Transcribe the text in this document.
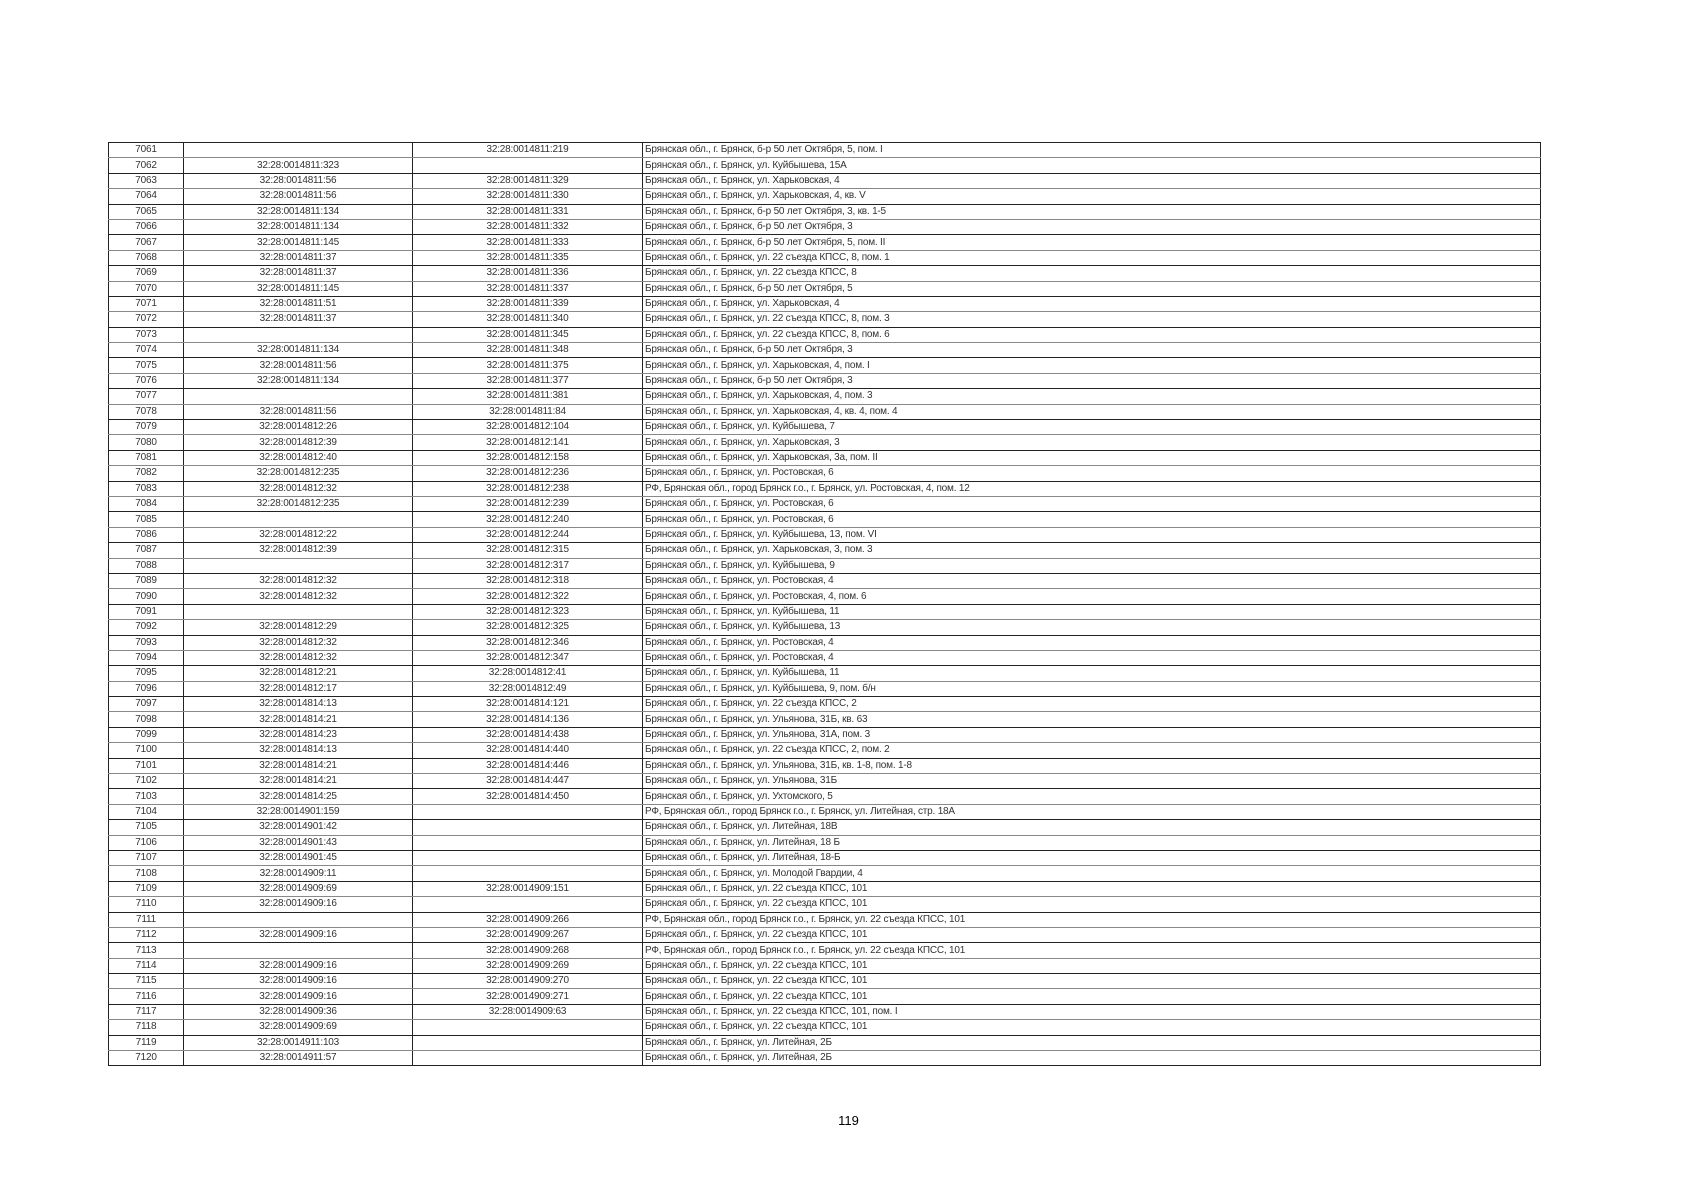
7061		32:28:0014811:219	Брянская обл., г. Брянск, б-р 50 лет Октября, 5, пом. I
7062	32:28:0014811:323		Брянская обл., г. Брянск, ул. Куйбышева, 15А
7063	32:28:0014811:56	32:28:0014811:329	Брянская обл., г. Брянск, ул. Харьковская, 4
7064	32:28:0014811:56	32:28:0014811:330	Брянская обл., г. Брянск, ул. Харьковская, 4, кв. V
7065	32:28:0014811:134	32:28:0014811:331	Брянская обл., г. Брянск, б-р 50 лет Октября, 3, кв. 1-5
7066	32:28:0014811:134	32:28:0014811:332	Брянская обл., г. Брянск, б-р 50 лет Октября, 3
7067	32:28:0014811:145	32:28:0014811:333	Брянская обл., г. Брянск, б-р 50 лет Октября, 5, пом. II
7068	32:28:0014811:37	32:28:0014811:335	Брянская обл., г. Брянск, ул. 22 съезда КПСС, 8, пом. 1
7069	32:28:0014811:37	32:28:0014811:336	Брянская обл., г. Брянск, ул. 22 съезда КПСС, 8
7070	32:28:0014811:145	32:28:0014811:337	Брянская обл., г. Брянск, б-р 50 лет Октября, 5
7071	32:28:0014811:51	32:28:0014811:339	Брянская обл., г. Брянск, ул. Харьковская, 4
7072	32:28:0014811:37	32:28:0014811:340	Брянская обл., г. Брянск, ул. 22 съезда КПСС, 8, пом. 3
7073		32:28:0014811:345	Брянская обл., г. Брянск, ул. 22 съезда КПСС, 8, пом. 6
7074	32:28:0014811:134	32:28:0014811:348	Брянская обл., г. Брянск, б-р 50 лет Октября, 3
7075	32:28:0014811:56	32:28:0014811:375	Брянская обл., г. Брянск, ул. Харьковская, 4, пом. I
7076	32:28:0014811:134	32:28:0014811:377	Брянская обл., г. Брянск, б-р 50 лет Октября, 3
7077		32:28:0014811:381	Брянская обл., г. Брянск, ул. Харьковская, 4, пом. 3
7078	32:28:0014811:56	32:28:0014811:84	Брянская обл., г. Брянск, ул. Харьковская, 4, кв. 4, пом. 4
7079	32:28:0014812:26	32:28:0014812:104	Брянская обл., г. Брянск, ул. Куйбышева, 7
7080	32:28:0014812:39	32:28:0014812:141	Брянская обл., г. Брянск, ул. Харьковская, 3
7081	32:28:0014812:40	32:28:0014812:158	Брянская обл., г. Брянск, ул. Харьковская, 3а, пом. II
7082	32:28:0014812:235	32:28:0014812:236	Брянская обл., г. Брянск, ул. Ростовская, 6
7083	32:28:0014812:32	32:28:0014812:238	РФ, Брянская обл., город Брянск г.о., г. Брянск, ул. Ростовская, 4, пом. 12
7084	32:28:0014812:235	32:28:0014812:239	Брянская обл., г. Брянск, ул. Ростовская, 6
7085		32:28:0014812:240	Брянская обл., г. Брянск, ул. Ростовская, 6
7086	32:28:0014812:22	32:28:0014812:244	Брянская обл., г. Брянск, ул. Куйбышева, 13, пом. VI
7087	32:28:0014812:39	32:28:0014812:315	Брянская обл., г. Брянск, ул. Харьковская, 3, пом. 3
7088		32:28:0014812:317	Брянская обл., г. Брянск, ул. Куйбышева, 9
7089	32:28:0014812:32	32:28:0014812:318	Брянская обл., г. Брянск, ул. Ростовская, 4
7090	32:28:0014812:32	32:28:0014812:322	Брянская обл., г. Брянск, ул. Ростовская, 4, пом. 6
7091		32:28:0014812:323	Брянская обл., г. Брянск, ул. Куйбышева, 11
7092	32:28:0014812:29	32:28:0014812:325	Брянская обл., г. Брянск, ул. Куйбышева, 13
7093	32:28:0014812:32	32:28:0014812:346	Брянская обл., г. Брянск, ул. Ростовская, 4
7094	32:28:0014812:32	32:28:0014812:347	Брянская обл., г. Брянск, ул. Ростовская, 4
7095	32:28:0014812:21	32:28:0014812:41	Брянская обл., г. Брянск, ул. Куйбышева, 11
7096	32:28:0014812:17	32:28:0014812:49	Брянская обл., г. Брянск, ул. Куйбышева, 9, пом. б/н
7097	32:28:0014814:13	32:28:0014814:121	Брянская обл., г. Брянск, ул. 22 съезда КПСС, 2
7098	32:28:0014814:21	32:28:0014814:136	Брянская обл., г. Брянск, ул. Ульянова, 31Б, кв. 63
7099	32:28:0014814:23	32:28:0014814:438	Брянская обл., г. Брянск, ул. Ульянова, 31А, пом. 3
7100	32:28:0014814:13	32:28:0014814:440	Брянская обл., г. Брянск, ул. 22 съезда КПСС, 2, пом. 2
7101	32:28:0014814:21	32:28:0014814:446	Брянская обл., г. Брянск, ул. Ульянова, 31Б, кв. 1-8, пом. 1-8
7102	32:28:0014814:21	32:28:0014814:447	Брянская обл., г. Брянск, ул. Ульянова, 31Б
7103	32:28:0014814:25	32:28:0014814:450	Брянская обл., г. Брянск, ул. Ухтомского, 5
7104	32:28:0014901:159		РФ, Брянская обл., город Брянск г.о., г. Брянск, ул. Литейная, стр. 18А
7105	32:28:0014901:42		Брянская обл., г. Брянск, ул. Литейная, 18В
7106	32:28:0014901:43		Брянская обл., г. Брянск, ул. Литейная, 18 Б
7107	32:28:0014901:45		Брянская обл., г. Брянск, ул. Литейная, 18-Б
7108	32:28:0014909:11		Брянская обл., г. Брянск, ул. Молодой Гвардии, 4
7109	32:28:0014909:69	32:28:0014909:151	Брянская обл., г. Брянск, ул. 22 съезда КПСС, 101
7110	32:28:0014909:16		Брянская обл., г. Брянск, ул. 22 съезда КПСС, 101
7111		32:28:0014909:266	РФ, Брянская обл., город Брянск г.о., г. Брянск, ул. 22 съезда КПСС, 101
7112	32:28:0014909:16	32:28:0014909:267	Брянская обл., г. Брянск, ул. 22 съезда КПСС, 101
7113		32:28:0014909:268	РФ, Брянская обл., город Брянск г.о., г. Брянск, ул. 22 съезда КПСС, 101
7114	32:28:0014909:16	32:28:0014909:269	Брянская обл., г. Брянск, ул. 22 съезда КПСС, 101
7115	32:28:0014909:16	32:28:0014909:270	Брянская обл., г. Брянск, ул. 22 съезда КПСС, 101
7116	32:28:0014909:16	32:28:0014909:271	Брянская обл., г. Брянск, ул. 22 съезда КПСС, 101
7117	32:28:0014909:36	32:28:0014909:63	Брянская обл., г. Брянск, ул. 22 съезда КПСС, 101, пом. I
7118	32:28:0014909:69		Брянская обл., г. Брянск, ул. 22 съезда КПСС, 101
7119	32:28:0014911:103		Брянская обл., г. Брянск, ул. Литейная, 2Б
7120	32:28:0014911:57		Брянская обл., г. Брянск, ул. Литейная, 2Б
119
